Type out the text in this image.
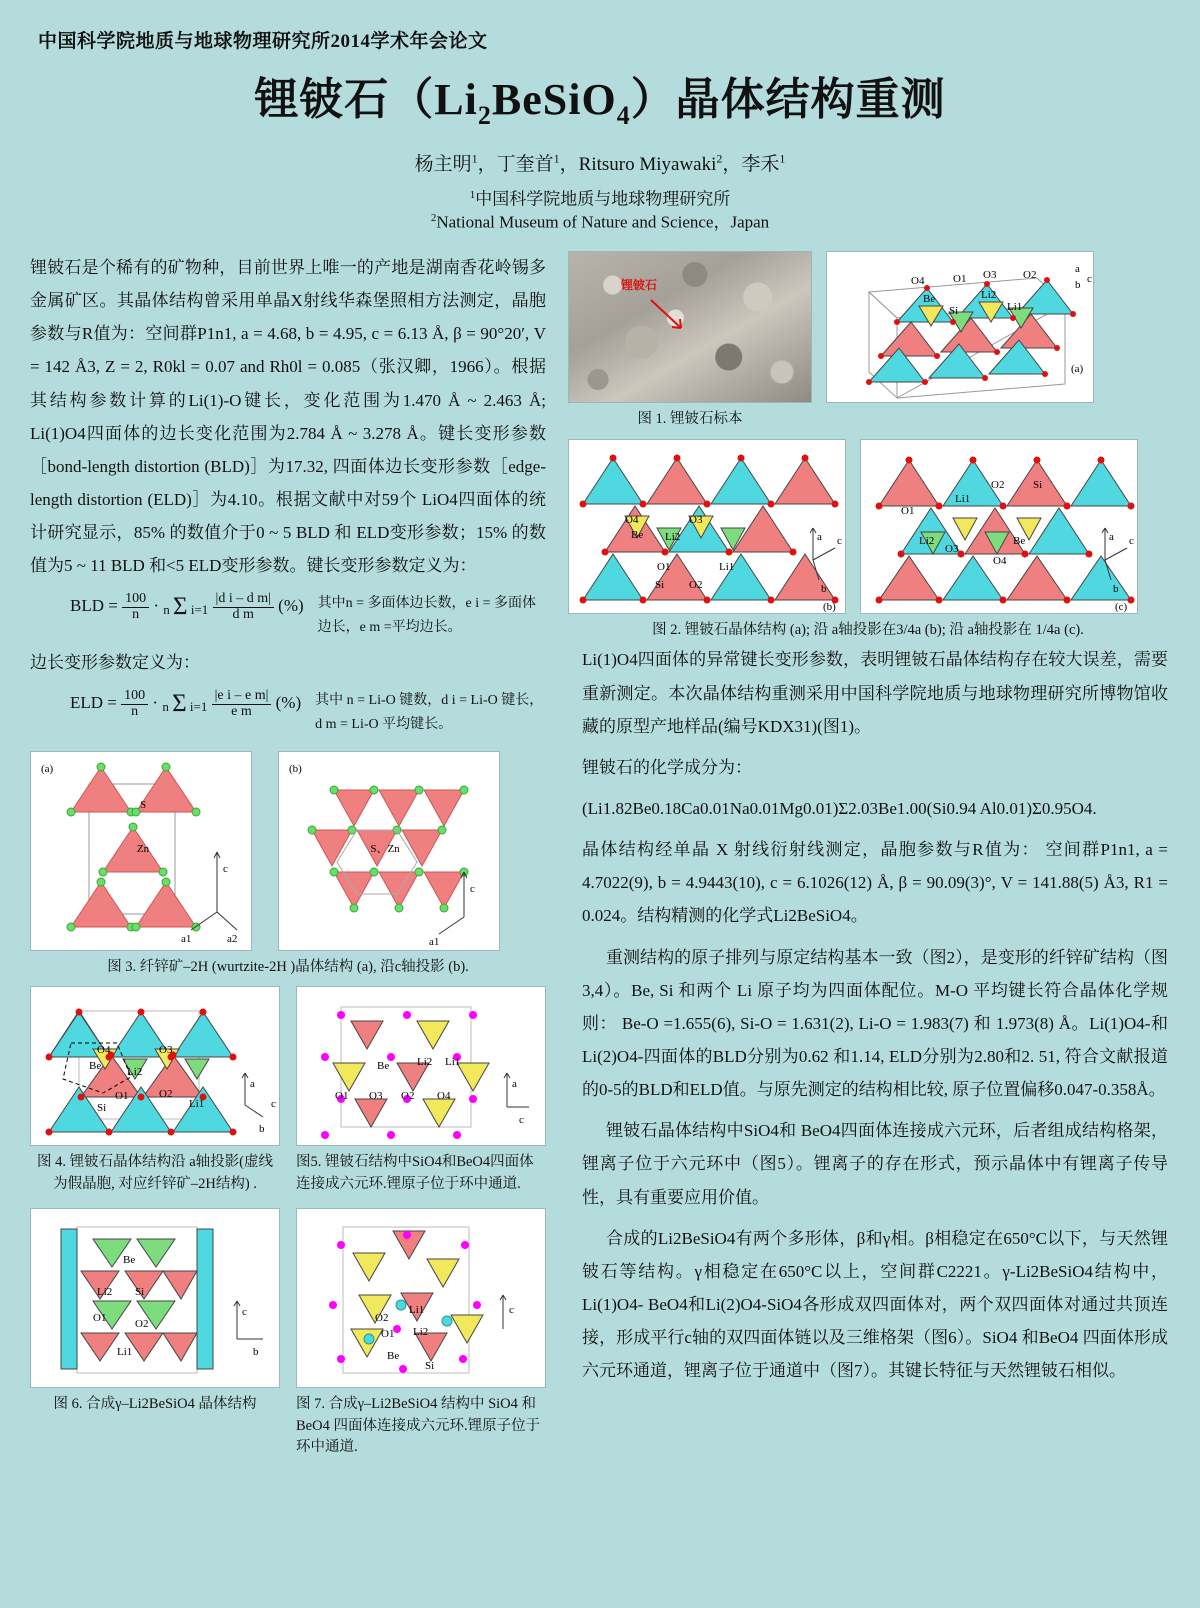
中国科学院地质与地球物理研究所2014学术年会论文
锂铍石$(Li_2BeSiO_4)$晶体结构重测
杨主明$^1$，丁奎首$^1$，Ritsuro Miyawaki$^2$，李禾$^1$
$^1$中国科学院地质与地球物理研究所
$^2$National Museum of Nature and Science，Japan

锂铍石是个稀有的矿物种，目前世界上唯一的产地是湖南香花岭锡多金属矿区。其晶体结构曾采用单晶X射线华森堡照相方法测定，晶胞参数与R值为：空间群P1n1, a = 4.68, b = 4.95, c = 6.13 Å, β = 90°20′, V = 142 Å3, Z = 2, R0kl = 0.07 and Rh0l = 0.085（张汉卿，1966）。根据其结构参数计算的Li(1)-O键长，变化范围为1.470 Å ~ 2.463 Å; Li(1)O4四面体的边长变化范围为2.784 Å ~ 3.278 Å。键长变形参数［bond-length distortion (BLD)］为17.32, 四面体边长变形参数［edge-length distortion (ELD)］为4.10。根据文献中对59个 LiO4四面体的统计研究显示，85% 的数值介于0 ~ 5 BLD 和 ELD变形参数；15% 的数值为5 ~ 11 BLD 和<5 ELD变形参数。键长变形参数定义为：

BLD = $\frac{100}{n} \cdot n$ Σ $i=1 \frac{\text{|d i – d m|}}{\text{d m}}$ (%) 其中n = 多面体边长数，e i = 多面体边长，e m =平均边长。

边长变形参数定义为：

ELD = $\frac{100}{n} \cdot n$ Σ $i=1 \frac{\text{|e i – e m|}}{\text{e m}}$ (%) 其中 n = Li-O 键数，d i = Li-O 键长，d m = Li-O 平均键长。
S
Zn
c
a1	a2
(a)
S、Zn
c
a1
(b)
图 3. 纤锌矿–2H (wurtzite-2H )晶体结构 (a), 沿c轴投影 (b).
O4	O3
Be Li2
O1
Si
O2
Li1
a
b
c
图 4. 锂铍石晶体结构沿 a轴投影(虚线为假晶胞, 对应纤锌矿–2H结构) .
Be	Li2 Li1
O1 O3 O2 O4
a
c
图5. 锂铍石结构中SiO4和BeO4四面体连接成六元环.锂原子位于环中通道.
Be
Li2 Si
O1	O2
Li1
c
b
图 6. 合成γ–Li2BeSiO4 晶体结构
O2
Li1
O1 Li2
Be
Si
c
图 7. 合成γ–Li2BeSiO4 结构中 SiO4 和BeO4 四面体连接成六元环.锂原子位于环中通道.
锂铍石
图 1. 锂铍石标本
O4	O1 O3 O2
Be	Li2
Si	Li1
a
b c
(a)
O4
Be
O3
Li2
O1
Si
Li1
O2
a c
b
(b)
O1
Li1
O2	Si
Li2
O3
Be
O4
a c
b
(c)
图 2. 锂铍石晶体结构 (a); 沿 a轴投影在3/4a (b); 沿 a轴投影在 1/4a (c).

Li(1)O4四面体的异常键长变形参数，表明锂铍石晶体结构存在较大误差，需要重新测定。本次晶体结构重测采用中国科学院地质与地球物理研究所博物馆收藏的原型产地样品(编号KDX31)(图1)。

锂铍石的化学成分为：

(Li1.82Be0.18Ca0.01Na0.01Mg0.01)Σ2.03Be1.00(Si0.94 Al0.01)Σ0.95O4.

晶体结构经单晶 X 射线衍射线测定，晶胞参数与R值为： 空间群P1n1, a = 4.7022(9), b = 4.9443(10), c = 6.1026(12) Å, β = 90.09(3)°, V = 141.88(5) Å3, R1 = 0.024。结构精测的化学式Li2BeSiO4。

重测结构的原子排列与原定结构基本一致（图2），是变形的纤锌矿结构（图3,4）。Be, Si 和两个 Li 原子均为四面体配位。M-O 平均键长符合晶体化学规则： Be-O =1.655(6), Si-O = 1.631(2), Li-O = 1.983(7) 和 1.973(8) Å。Li(1)O4-和 Li(2)O4-四面体的BLD分别为0.62 和1.14, ELD分别为2.80和2. 51, 符合文献报道的0-5的BLD和ELD值。与原先测定的结构相比较, 原子位置偏移0.047-0.358Å。

锂铍石晶体结构中SiO4和 BeO4四面体连接成六元环，后者组成结构格架，锂离子位于六元环中（图5）。锂离子的存在形式，预示晶体中有锂离子传导性，具有重要应用价值。

合成的Li2BeSiO4有两个多形体，β和γ相。β相稳定在650°C以下，与天然锂铍石等结构。γ相稳定在650°C以上，空间群C2221。γ-Li2BeSiO4结构中， Li(1)O4- BeO4和Li(2)O4-SiO4各形成双四面体对，两个双四面体对通过共顶连接，形成平行c轴的双四面体链以及三维格架（图6）。SiO4 和BeO4 四面体形成六元环通道，锂离子位于通道中（图7）。其键长特征与天然锂铍石相似。
